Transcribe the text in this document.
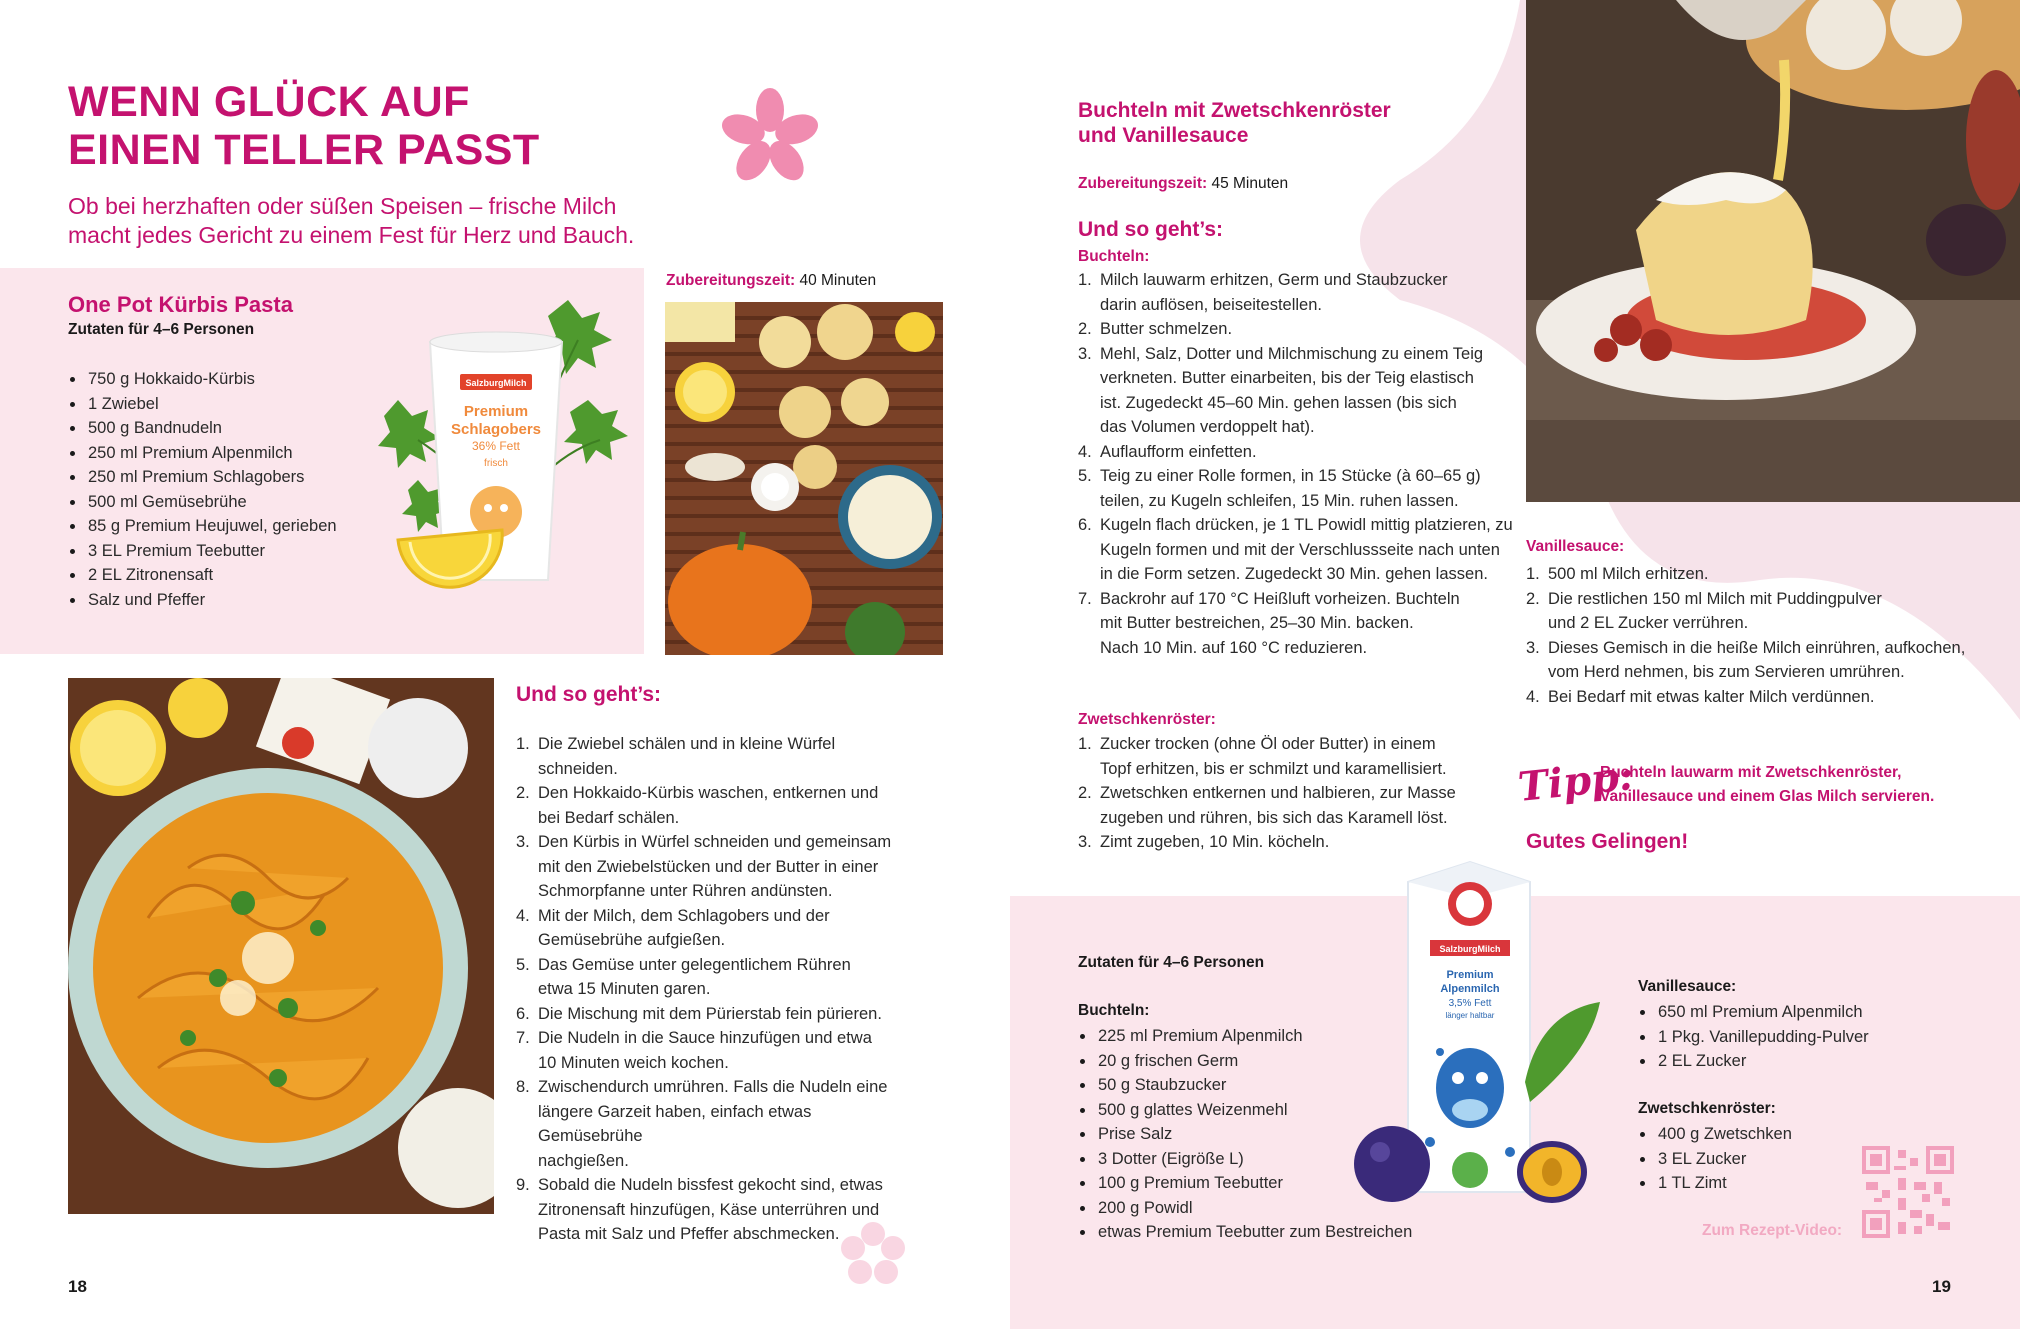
WENN GLÜCK AUF
EINEN TELLER PASST
Ob bei herzhaften oder süßen Speisen – frische Milch
macht jedes Gericht zu einem Fest für Herz und Bauch.
One Pot Kürbis Pasta
Zutaten für 4–6 Personen
750 g Hokkaido-Kürbis
1 Zwiebel
500 g Bandnudeln
250 ml Premium Alpenmilch
250 ml Premium Schlagobers
500 ml Gemüsebrühe
85 g Premium Heujuwel, gerieben
3 EL Premium Teebutter
2 EL Zitronensaft
Salz und Pfeffer
SalzburgMilch
Premium
Schlagobers
36% Fett
frisch
Zubereitungszeit: 40 Minuten
Und so geht’s:
1. Die Zwiebel schälen und in kleine Würfel schneiden.
2. Den Hokkaido-Kürbis waschen, entkernen und
bei Bedarf schälen.
3. Den Kürbis in Würfel schneiden und gemeinsam
mit den Zwiebelstücken und der Butter in einer
Schmorpfanne unter Rühren andünsten.
4. Mit der Milch, dem Schlagobers und der
Gemüsebrühe aufgießen.
5. Das Gemüse unter gelegentlichem Rühren
etwa 15 Minuten garen.
6. Die Mischung mit dem Pürierstab fein pürieren.
7. Die Nudeln in die Sauce hinzufügen und etwa
10 Minuten weich kochen.
8. Zwischendurch umrühren. Falls die Nudeln eine
längere Garzeit haben, einfach etwas Gemüsebrühe
nachgießen.
9. Sobald die Nudeln bissfest gekocht sind, etwas
Zitronensaft hinzufügen, Käse unterrühren und
Pasta mit Salz und Pfeffer abschmecken.
18
Buchteln mit Zwetschkenröster
und Vanillesauce
Zubereitungszeit: 45 Minuten
Und so geht’s:
Buchteln:
1. Milch lauwarm erhitzen, Germ und Staubzucker
darin auflösen, beiseitestellen.
2. Butter schmelzen.
3. Mehl, Salz, Dotter und Milchmischung zu einem Teig
verkneten. Butter einarbeiten, bis der Teig elastisch
ist. Zugedeckt 45–60 Min. gehen lassen (bis sich
das Volumen verdoppelt hat).
4. Auflaufform einfetten.
5. Teig zu einer Rolle formen, in 15 Stücke (à 60–65 g)
teilen, zu Kugeln schleifen, 15 Min. ruhen lassen.
6. Kugeln flach drücken, je 1 TL Powidl mittig platzieren, zu
Kugeln formen und mit der Verschlussseite nach unten
in die Form setzen. Zugedeckt 30 Min. gehen lassen.
7. Backrohr auf 170 °C Heißluft vorheizen. Buchteln
mit Butter bestreichen, 25–30 Min. backen.
Nach 10 Min. auf 160 °C reduzieren.
Zwetschkenröster:
1. Zucker trocken (ohne Öl oder Butter) in einem
Topf erhitzen, bis er schmilzt und karamellisiert.
2. Zwetschken entkernen und halbieren, zur Masse
zugeben und rühren, bis sich das Karamell löst.
3. Zimt zugeben, 10 Min. köcheln.
Vanillesauce:
1. 500 ml Milch erhitzen.
2. Die restlichen 150 ml Milch mit Puddingpulver
und 2 EL Zucker verrühren.
3. Dieses Gemisch in die heiße Milch einrühren, aufkochen,
vom Herd nehmen, bis zum Servieren umrühren.
4. Bei Bedarf mit etwas kalter Milch verdünnen.
Tipp:
Buchteln lauwarm mit Zwetschkenröster,
Vanillesauce und einem Glas Milch servieren.
Gutes Gelingen!
SalzburgMilch
Premium
Alpenmilch
3,5% Fett
länger haltbar
Zutaten für 4–6 Personen
Buchteln:
225 ml Premium Alpenmilch
20 g frischen Germ
50 g Staubzucker
500 g glattes Weizenmehl
Prise Salz
3 Dotter (Eigröße L)
100 g Premium Teebutter
200 g Powidl
etwas Premium Teebutter zum Bestreichen
Vanillesauce:
650 ml Premium Alpenmilch
1 Pkg. Vanillepudding-Pulver
2 EL Zucker
Zwetschkenröster:
400 g Zwetschken
3 EL Zucker
1 TL Zimt
Zum Rezept-Video:
19
